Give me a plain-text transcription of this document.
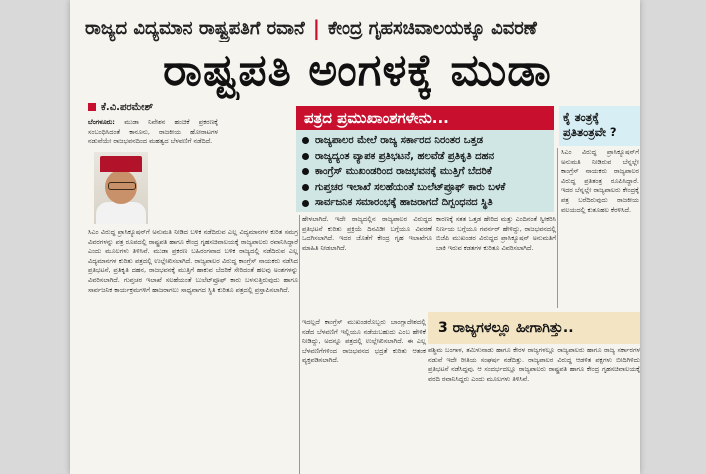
ರಾಜ್ಯದ ವಿದ್ಯಮಾನ ರಾಷ್ಟ್ರಪತಿಗೆ ರವಾನೆ | ಕೇಂದ್ರ ಗೃಹಸಚಿವಾಲಯಕ್ಕೂ ವಿವರಣೆ
ರಾಷ್ಟ್ರಪತಿ ಅಂಗಳಕ್ಕೆ ಮುಡಾ
ಕೆ.ವಿ.ಪರಮೇಶ್

ಬೆಂಗಳೂರು: ಮುಡಾ ನಿವೇಶನ ಹಂಚಿಕೆ ಪ್ರಕರಣಕ್ಕೆ ಸಂಬಂಧಿಸಿದಂತೆ ಕಾನೂನು, ರಾಜಕೀಯ ಹೋರಾಟಗಳ ನಡುವೆಯೇ ರಾಜಭವನದಿಂದ ಮಹತ್ವದ ಬೆಳವಣಿಗೆ ನಡೆದಿದೆ.

ಸಿಎಂ ವಿರುದ್ಧ ಪ್ರಾಸಿಕ್ಯೂಷನ್‌ಗೆ ಅನುಮತಿ ನೀಡಿದ ಬಳಿಕ ನಡೆದಿರುವ ಎಲ್ಲ ವಿದ್ಯಮಾನಗಳ ಕುರಿತ ಸಮಗ್ರ ವಿವರಗಳನ್ನು ಪತ್ರ ರೂಪದಲ್ಲಿ ರಾಷ್ಟ್ರಪತಿ ಹಾಗೂ ಕೇಂದ್ರ ಗೃಹಸಚಿವಾಲಯಕ್ಕೆ ರಾಜ್ಯಪಾಲರು ರವಾನಿಸಿದ್ದಾರೆ ಎಂದು ಮೂಲಗಳು ತಿಳಿಸಿವೆ. ಮುಡಾ ಪ್ರಕರಣ ಬಹಿರಂಗವಾದ ಬಳಿಕ ರಾಜ್ಯದಲ್ಲಿ ನಡೆದಿರುವ ಎಲ್ಲ ವಿದ್ಯಮಾನಗಳ ಕುರಿತು ಪತ್ರದಲ್ಲಿ ಉಲ್ಲೇಖಿಸಲಾಗಿದೆ. ರಾಜ್ಯಪಾಲರ ವಿರುದ್ಧ ಕಾಂಗ್ರೆಸ್ ನಾಯಕರು ನಡೆಸಿದ ಪ್ರತಿಭಟನೆ, ಪ್ರತಿಕೃತಿ ದಹನ, ರಾಜಭವನಕ್ಕೆ ಮುತ್ತಿಗೆ ಹಾಕುವ ಬೆದರಿಕೆ ಸೇರಿದಂತೆ ಹಲವು ಅಂಶಗಳನ್ನು ವಿವರಿಸಲಾಗಿದೆ. ಗುಪ್ತಚರ ಇಲಾಖೆ ಸಲಹೆಯಂತೆ ಬುಲೆಟ್‌ಪ್ರೂಫ್ ಕಾರು ಬಳಸುತ್ತಿರುವುದು ಹಾಗೂ ಸಾರ್ವಜನಿಕ ಕಾರ್ಯಕ್ರಮಗಳಿಗೆ ಹಾಜರಾಗಲು ಸಾಧ್ಯವಾಗದ ಸ್ಥಿತಿ ಕುರಿತೂ ಪತ್ರದಲ್ಲಿ ಪ್ರಸ್ತಾಪಿಸಲಾಗಿದೆ.

ಪತ್ರದ ಪ್ರಮುಖಾಂಶಗಳೇನು...
ರಾಜ್ಯಪಾಲರ ಮೇಲೆ ರಾಜ್ಯ ಸರ್ಕಾರದ ನಿರಂತರ ಒತ್ತಡ
ರಾಜ್ಯದ್ಯಂತ ವ್ಯಾಪಕ ಪ್ರತಿಭಟನೆ, ಹಲವೆಡೆ ಪ್ರತಿಕೃತಿ ದಹನ
ಕಾಂಗ್ರೆಸ್ ಮುಖಂಡರಿಂದ ರಾಜಭವನಕ್ಕೆ ಮುತ್ತಿಗೆ ಬೆದರಿಕೆ
ಗುಪ್ತಚರ ಇಲಾಖೆ ಸಲಹೆಯಂತೆ ಬುಲೆಟ್‌ಪ್ರೂಫ್ ಕಾರು ಬಳಕೆ
ಸಾರ್ವಜನಿಕ ಸಮಾರಂಭಕ್ಕೆ ಹಾಜರಾಗದೆ ದಿಗ್ಬಂಧನದ ಸ್ಥಿತಿ
ಕೈ ತಂತ್ರಕ್ಕೆ
ಪ್ರತಿತಂತ್ರವೇ ?

ಸಿಎಂ ವಿರುದ್ಧ ಪ್ರಾಸಿಕ್ಯೂಷನ್‌ಗೆ ಅನುಮತಿ ನೀಡಿರುವ ಬೆನ್ನಲ್ಲೇ ಕಾಂಗ್ರೆಸ್ ನಾಯಕರು ರಾಜ್ಯಪಾಲರ ವಿರುದ್ಧ ಪ್ರತಿತಂತ್ರ ರೂಪಿಸಿದ್ದಾರೆ. ಇದರ ಬೆನ್ನಲ್ಲೇ ರಾಜ್ಯಪಾಲರು ಕೇಂದ್ರಕ್ಕೆ ಪತ್ರ ಬರೆದಿರುವುದು ರಾಜಕೀಯ ವಲಯದಲ್ಲಿ ಕುತೂಹಲ ಕೆರಳಿಸಿದೆ.

ಹೇಳಲಾಗಿದೆ. ಇದೇ ರಾಜ್ಯದಲ್ಲಿನ ರಾಜ್ಯಪಾಲರ ವಿರುದ್ಧದ ಪ್ರತಿಭಟನೆ ಕುರಿತು ಪ್ರಕ್ರಿಯೆ ದಿನವಿಡೀ ಬಗ್ಗೆಯೂ ವಿವರಣೆ ಒದಗಿಸಲಾಗಿದೆ. ಇದರ ಜೊತೆಗೆ ಕೇಂದ್ರ ಗೃಹ ಇಲಾಖೆಗೂ ಮಾಹಿತಿ ನೀಡಲಾಗಿದೆ.

ಕಾರಣಕ್ಕೆ ಸತತ ಒತ್ತಡ ಹೇರಿದ ಮತ್ತು ಎಂದಿನಂತೆ ಸ್ವೀಕರಿಸಿ ನಿರ್ಣಯ ಬಗ್ಗೆಯೂ ಗವರ್ನರ್ ಹೇಳಿದ್ದು, ರಾಜಭವನದಲ್ಲಿ ಬಿಜೆಪಿ ಮುಖಂಡರ ವಿರುದ್ಧದ ಪ್ರಾಸಿಕ್ಯೂಷನ್ ಅನುಮತಿಗೆ ಬಾಕಿ ಇರುವ ಕಡತಗಳ ಕುರಿತೂ ವಿವರಿಸಲಾಗಿದೆ.

ಇದಲ್ಲದೆ ಕಾಂಗ್ರೆಸ್ ಮುಖಂಡರೊಬ್ಬರು ಬಾಂಗ್ಲಾದೇಶದಲ್ಲಿ ನಡೆದ ಬೆಳವಣಿಗೆ ಇಲ್ಲಿಯೂ ನಡೆಯಬಹುದು ಎಂಬ ಹೇಳಿಕೆ ನೀಡಿದ್ದು, ಅದನ್ನೂ ಪತ್ರದಲ್ಲಿ ಉಲ್ಲೇಖಿಸಲಾಗಿದೆ. ಈ ಎಲ್ಲ ಬೆಳವಣಿಗೆಗಳಿಂದ ರಾಜಭವನದ ಭದ್ರತೆ ಕುರಿತು ಆತಂಕ ವ್ಯಕ್ತಪಡಿಸಲಾಗಿದೆ.

3 ರಾಜ್ಯಗಳಲ್ಲೂ ಹೀಗಾಗಿತ್ತು..

ಪಶ್ಚಿಮ ಬಂಗಾಳ, ತಮಿಳುನಾಡು ಹಾಗೂ ಕೇರಳ ರಾಜ್ಯಗಳಲ್ಲೂ ರಾಜ್ಯಪಾಲರು ಹಾಗೂ ರಾಜ್ಯ ಸರ್ಕಾರಗಳ ನಡುವೆ ಇದೇ ರೀತಿಯ ಸಂಘರ್ಷ ನಡೆದಿತ್ತು. ರಾಜ್ಯಪಾಲರ ವಿರುದ್ಧ ಆಡಳಿತ ಪಕ್ಷಗಳು ಬೀದಿಗಿಳಿದು ಪ್ರತಿಭಟನೆ ನಡೆಸಿದ್ದವು. ಆ ಸಂದರ್ಭದಲ್ಲೂ ರಾಜ್ಯಪಾಲರು ರಾಷ್ಟ್ರಪತಿ ಹಾಗೂ ಕೇಂದ್ರ ಗೃಹಸಚಿವಾಲಯಕ್ಕೆ ವರದಿ ರವಾನಿಸಿದ್ದರು ಎಂದು ಮೂಲಗಳು ತಿಳಿಸಿವೆ.
